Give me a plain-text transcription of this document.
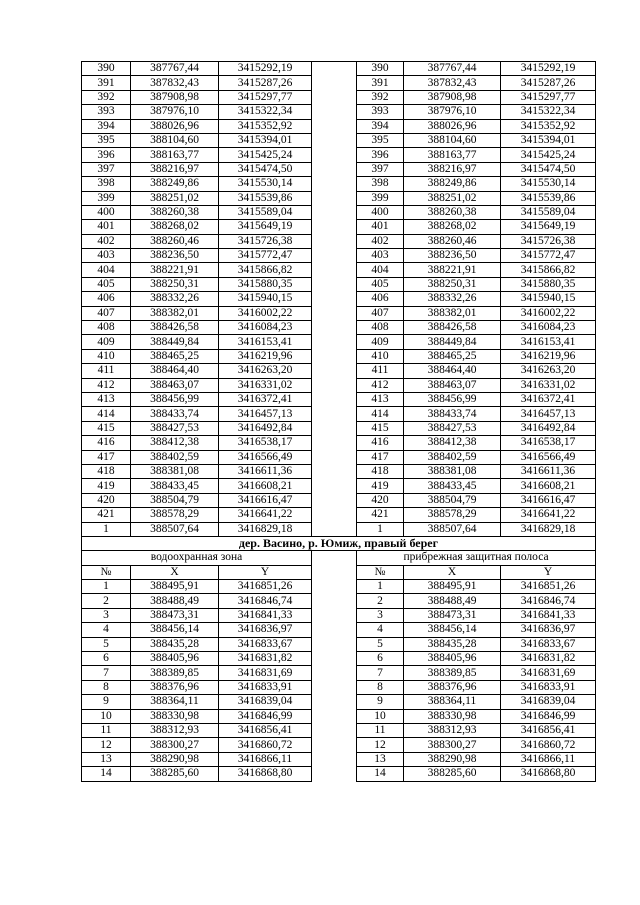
390	387767,44	3415292,19		390	387767,44	3415292,19
391	387832,43	3415287,26		391	387832,43	3415287,26
392	387908,98	3415297,77		392	387908,98	3415297,77
393	387976,10	3415322,34		393	387976,10	3415322,34
394	388026,96	3415352,92		394	388026,96	3415352,92
395	388104,60	3415394,01		395	388104,60	3415394,01
396	388163,77	3415425,24		396	388163,77	3415425,24
397	388216,97	3415474,50		397	388216,97	3415474,50
398	388249,86	3415530,14		398	388249,86	3415530,14
399	388251,02	3415539,86		399	388251,02	3415539,86
400	388260,38	3415589,04		400	388260,38	3415589,04
401	388268,02	3415649,19		401	388268,02	3415649,19
402	388260,46	3415726,38		402	388260,46	3415726,38
403	388236,50	3415772,47		403	388236,50	3415772,47
404	388221,91	3415866,82		404	388221,91	3415866,82
405	388250,31	3415880,35		405	388250,31	3415880,35
406	388332,26	3415940,15		406	388332,26	3415940,15
407	388382,01	3416002,22		407	388382,01	3416002,22
408	388426,58	3416084,23		408	388426,58	3416084,23
409	388449,84	3416153,41		409	388449,84	3416153,41
410	388465,25	3416219,96		410	388465,25	3416219,96
411	388464,40	3416263,20		411	388464,40	3416263,20
412	388463,07	3416331,02		412	388463,07	3416331,02
413	388456,99	3416372,41		413	388456,99	3416372,41
414	388433,74	3416457,13		414	388433,74	3416457,13
415	388427,53	3416492,84		415	388427,53	3416492,84
416	388412,38	3416538,17		416	388412,38	3416538,17
417	388402,59	3416566,49		417	388402,59	3416566,49
418	388381,08	3416611,36		418	388381,08	3416611,36
419	388433,45	3416608,21		419	388433,45	3416608,21
420	388504,79	3416616,47		420	388504,79	3416616,47
421	388578,29	3416641,22		421	388578,29	3416641,22
1	388507,64	3416829,18		1	388507,64	3416829,18
дер. Васино, р. Юмиж, правый берег						
водоохранная зона				прибрежная защитная полоса		
№	X	Y		№	X	Y
1	388495,91	3416851,26		1	388495,91	3416851,26
2	388488,49	3416846,74		2	388488,49	3416846,74
3	388473,31	3416841,33		3	388473,31	3416841,33
4	388456,14	3416836,97		4	388456,14	3416836,97
5	388435,28	3416833,67		5	388435,28	3416833,67
6	388405,96	3416831,82		6	388405,96	3416831,82
7	388389,85	3416831,69		7	388389,85	3416831,69
8	388376,96	3416833,91		8	388376,96	3416833,91
9	388364,11	3416839,04		9	388364,11	3416839,04
10	388330,98	3416846,99		10	388330,98	3416846,99
11	388312,93	3416856,41		11	388312,93	3416856,41
12	388300,27	3416860,72		12	388300,27	3416860,72
13	388290,98	3416866,11		13	388290,98	3416866,11
14	388285,60	3416868,80		14	388285,60	3416868,80
